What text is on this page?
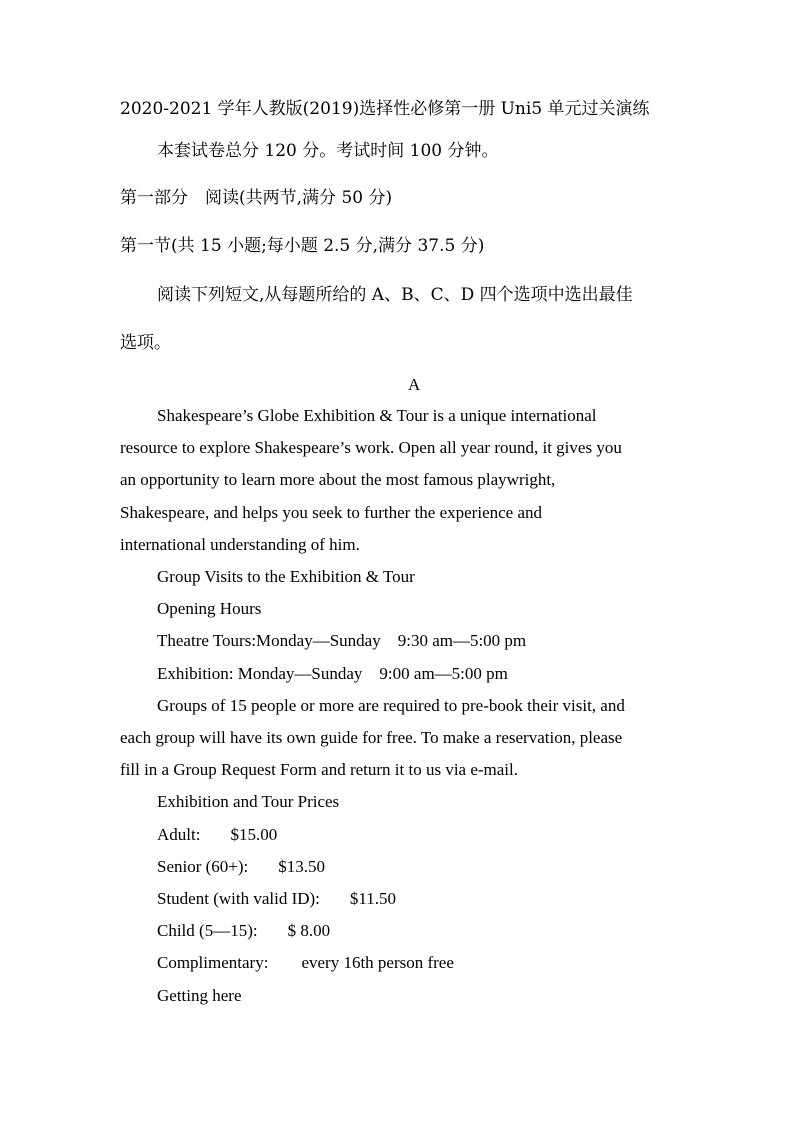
2020-2021 学年人教版(2019)选择性必修第一册 Uni5 单元过关演练
本套试卷总分 120 分。考试时间 100 分钟。
第一部分　阅读(共两节,满分 50 分)
第一节(共 15 小题;每小题 2.5 分,满分 37.5 分)
阅读下列短文,从每题所给的 A、B、C、D 四个选项中选出最佳
选项。
A
Shakespeare’s Globe Exhibition & Tour is a unique international
resource to explore Shakespeare’s work. Open all year round, it gives you
an opportunity to learn more about the most famous playwright,
Shakespeare, and helps you seek to further the experience and
international understanding of him.
Group Visits to the Exhibition & Tour
Opening Hours
Theatre Tours:Monday—Sunday 9:30 am—5:00 pm
Exhibition: Monday—Sunday 9:00 am—5:00 pm
Groups of 15 people or more are required to pre-book their visit, and
each group will have its own guide for free. To make a reservation, please
fill in a Group Request Form and return it to us via e-mail.
Exhibition and Tour Prices
Adult: $15.00
Senior (60+): $13.50
Student (with valid ID): $11.50
Child (5—15): $ 8.00
Complimentary: every 16th person free
Getting here
